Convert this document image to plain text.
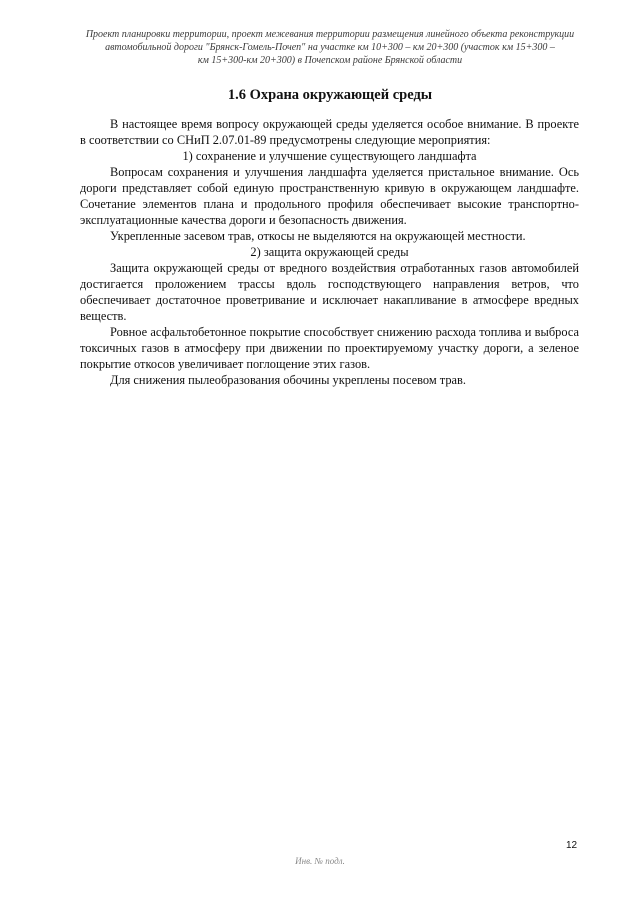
Проект планировки территории, проект межевания территории размещения линейного объекта реконструкции
автомобильной дороги "Брянск-Гомель-Почеп" на участке км 10+300 – км 20+300 (участок км 15+300 –
км 15+300-км 20+300) в Почепском районе Брянской области
1.6 Охрана окружающей среды

В настоящее время вопросу окружающей среды уделяется особое внимание. В проекте в соответствии со СНиП 2.07.01-89 предусмотрены следующие мероприятия:

1) сохранение и улучшение существующего ландшафта

Вопросам сохранения и улучшения ландшафта уделяется пристальное внимание. Ось дороги представляет собой единую пространственную кривую в окружающем ландшафте. Сочетание элементов плана и продольного профиля обеспечивает высокие транспортно-эксплуатационные качества дороги и безопасность движения.

Укрепленные засевом трав, откосы не выделяются на окружающей местности.

2) защита окружающей среды

Защита окружающей среды от вредного воздействия отработанных газов автомобилей достигается проложением трассы вдоль господствующего направления ветров, что обеспечивает достаточное проветривание и исключает накапливание в атмосфере вредных веществ.

Ровное асфальтобетонное покрытие способствует снижению расхода топлива и выброса токсичных газов в атмосферу при движении по проектируемому участку дороги, а зеленое покрытие откосов увеличивает поглощение этих газов.

Для снижения пылеобразования обочины укреплены посевом трав.

12
Инв. № подл.
